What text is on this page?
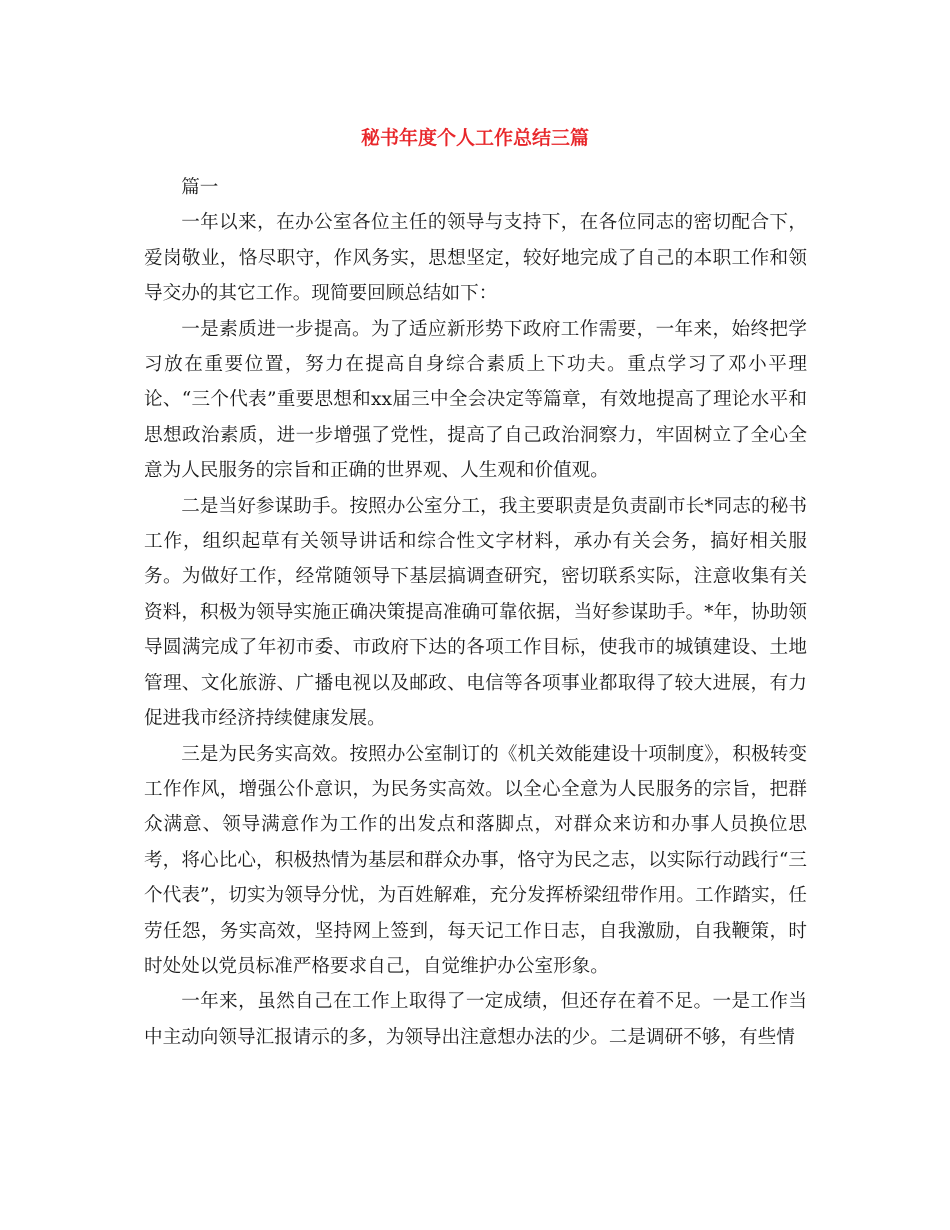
秘书年度个人工作总结三篇

篇一

一年以来，在办公室各位主任的领导与支持下，在各位同志的密切配合下，爱岗敬业，恪尽职守，作风务实，思想坚定，较好地完成了自己的本职工作和领导交办的其它工作。现简要回顾总结如下：

一是素质进一步提高。为了适应新形势下政府工作需要，一年来，始终把学习放在重要位置，努力在提高自身综合素质上下功夫。重点学习了邓小平理论、“三个代表”重要思想和xx届三中全会决定等篇章，有效地提高了理论水平和思想政治素质，进一步增强了党性，提高了自己政治洞察力，牢固树立了全心全意为人民服务的宗旨和正确的世界观、人生观和价值观。

二是当好参谋助手。按照办公室分工，我主要职责是负责副市长*同志的秘书工作，组织起草有关领导讲话和综合性文字材料，承办有关会务，搞好相关服务。为做好工作，经常随领导下基层搞调查研究，密切联系实际，注意收集有关资料，积极为领导实施正确决策提高准确可靠依据，当好参谋助手。*年，协助领导圆满完成了年初市委、市政府下达的各项工作目标，使我市的城镇建设、土地管理、文化旅游、广播电视以及邮政、电信等各项事业都取得了较大进展，有力促进我市经济持续健康发展。

三是为民务实高效。按照办公室制订的《机关效能建设十项制度》，积极转变工作作风，增强公仆意识，为民务实高效。以全心全意为人民服务的宗旨，把群众满意、领导满意作为工作的出发点和落脚点，对群众来访和办事人员换位思考，将心比心，积极热情为基层和群众办事，恪守为民之志，以实际行动践行“三个代表”，切实为领导分忧，为百姓解难，充分发挥桥梁纽带作用。工作踏实，任劳任怨，务实高效，坚持网上签到，每天记工作日志，自我激励，自我鞭策，时时处处以党员标准严格要求自己，自觉维护办公室形象。

一年来，虽然自己在工作上取得了一定成绩，但还存在着不足。一是工作当中主动向领导汇报请示的多，为领导出注意想办法的少。二是调研不够，有些情
